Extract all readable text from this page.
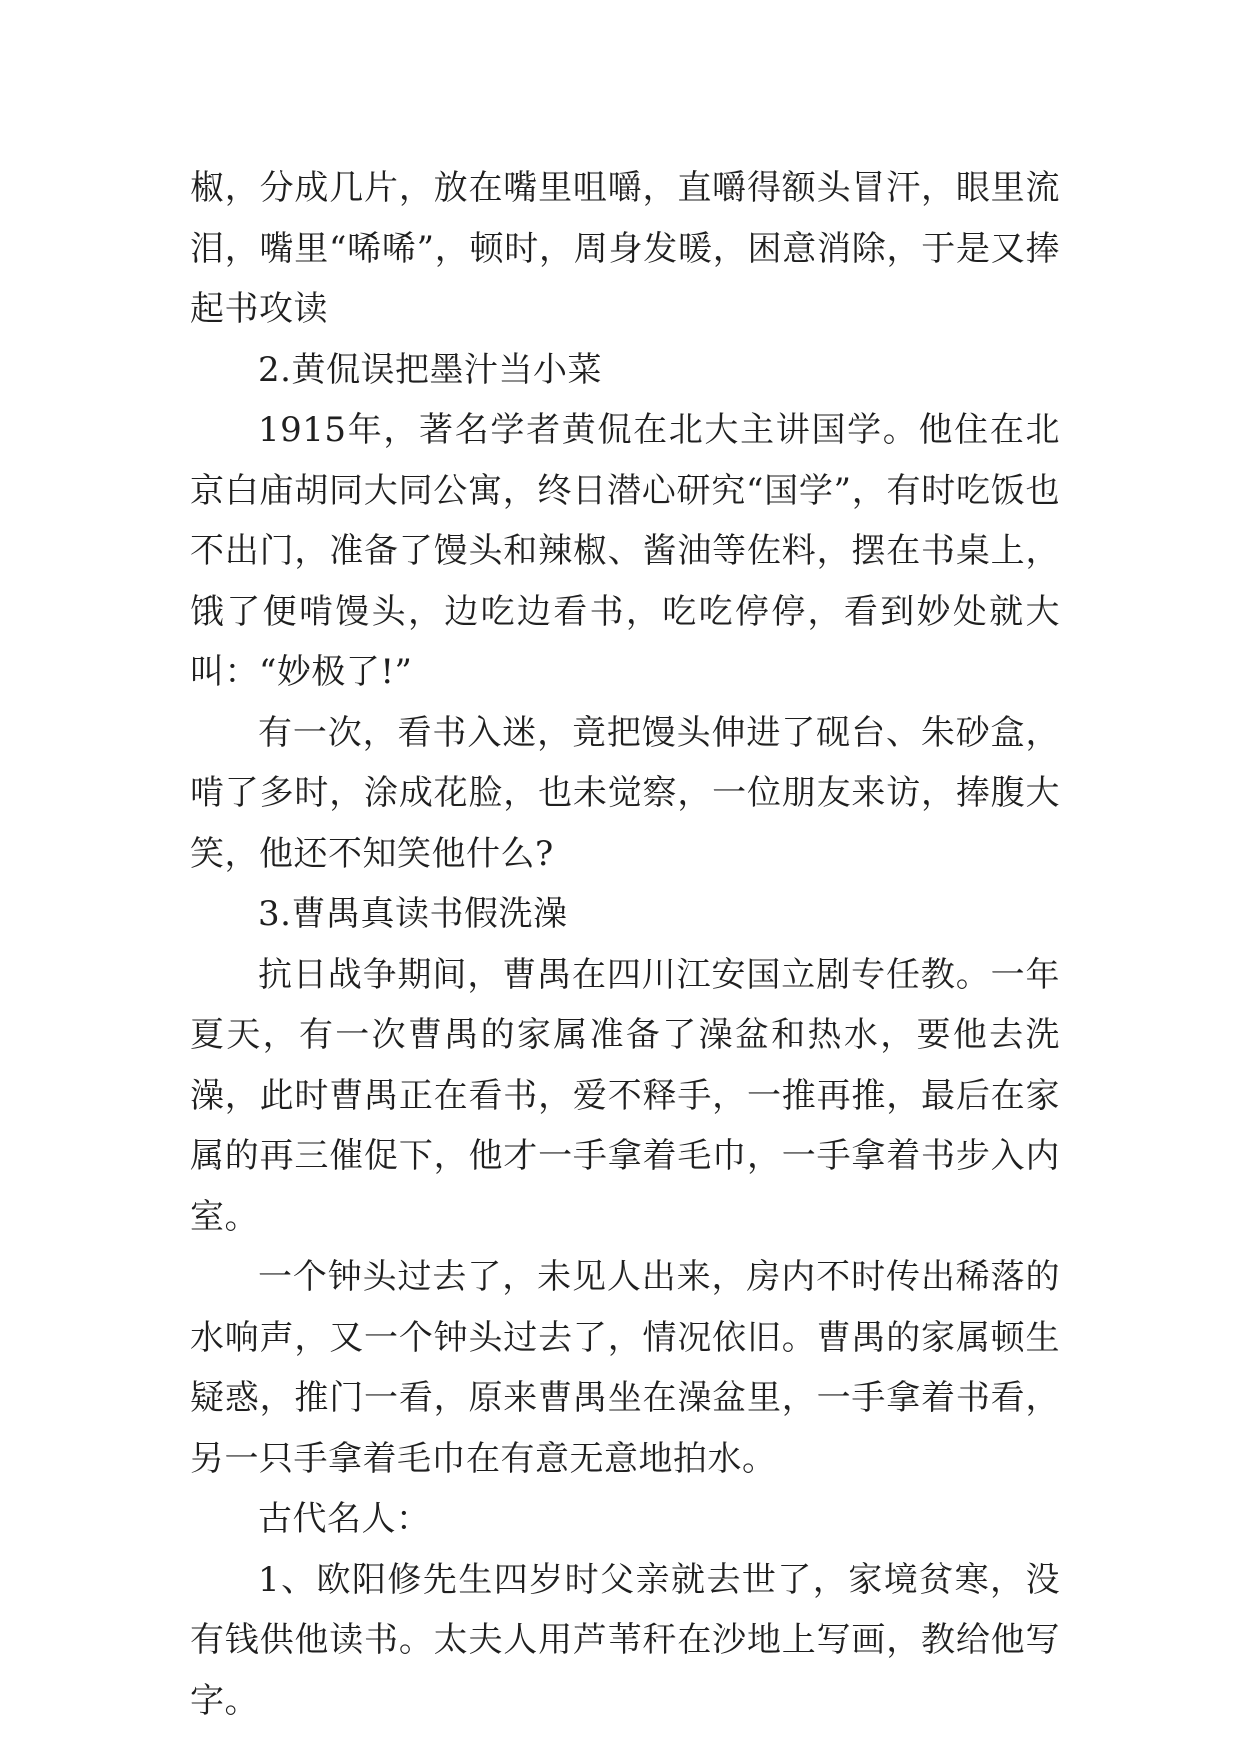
椒，分成几片，放在嘴里咀嚼，直嚼得额头冒汗，眼里流泪，嘴里“唏唏”，顿时，周身发暖，困意消除，于是又捧起书攻读

2.黄侃误把墨汁当小菜

1915年，著名学者黄侃在北大主讲国学。他住在北京白庙胡同大同公寓，终日潜心研究“国学”，有时吃饭也不出门，准备了馒头和辣椒、酱油等佐料，摆在书桌上，饿了便啃馒头，边吃边看书，吃吃停停，看到妙处就大叫：“妙极了!”

有一次，看书入迷，竟把馒头伸进了砚台、朱砂盒，啃了多时，涂成花脸，也未觉察，一位朋友来访，捧腹大笑，他还不知笑他什么?

3.曹禺真读书假洗澡

抗日战争期间，曹禺在四川江安国立剧专任教。一年夏天，有一次曹禺的家属准备了澡盆和热水，要他去洗澡，此时曹禺正在看书，爱不释手，一推再推，最后在家属的再三催促下，他才一手拿着毛巾，一手拿着书步入内室。

一个钟头过去了，未见人出来，房内不时传出稀落的水响声，又一个钟头过去了，情况依旧。曹禺的家属顿生疑惑，推门一看，原来曹禺坐在澡盆里，一手拿着书看，另一只手拿着毛巾在有意无意地拍水。

古代名人：

1、欧阳修先生四岁时父亲就去世了，家境贫寒，没有钱供他读书。太夫人用芦苇秆在沙地上写画，教给他写字。
